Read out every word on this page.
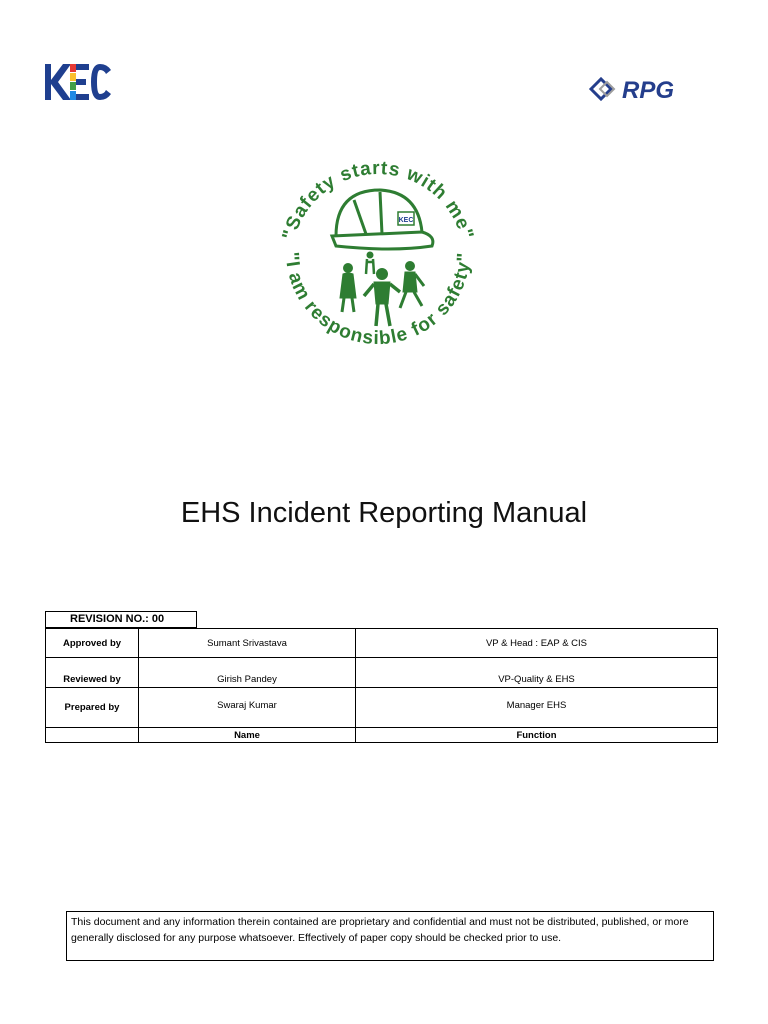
RPG
"Safety starts with me"
"I am responsible for safety"
KEC
EHS Incident Reporting Manual
REVISION NO.: 00
Approved by	Sumant Srivastava	VP & Head : EAP & CIS
Reviewed by	Girish Pandey	VP-Quality & EHS
Prepared by	Swaraj Kumar	Manager EHS
	Name	Function
This document and any information therein contained are proprietary and confidential and must not be distributed, published, or more generally disclosed for any purpose whatsoever. Effectively of paper copy should be checked prior to use.
